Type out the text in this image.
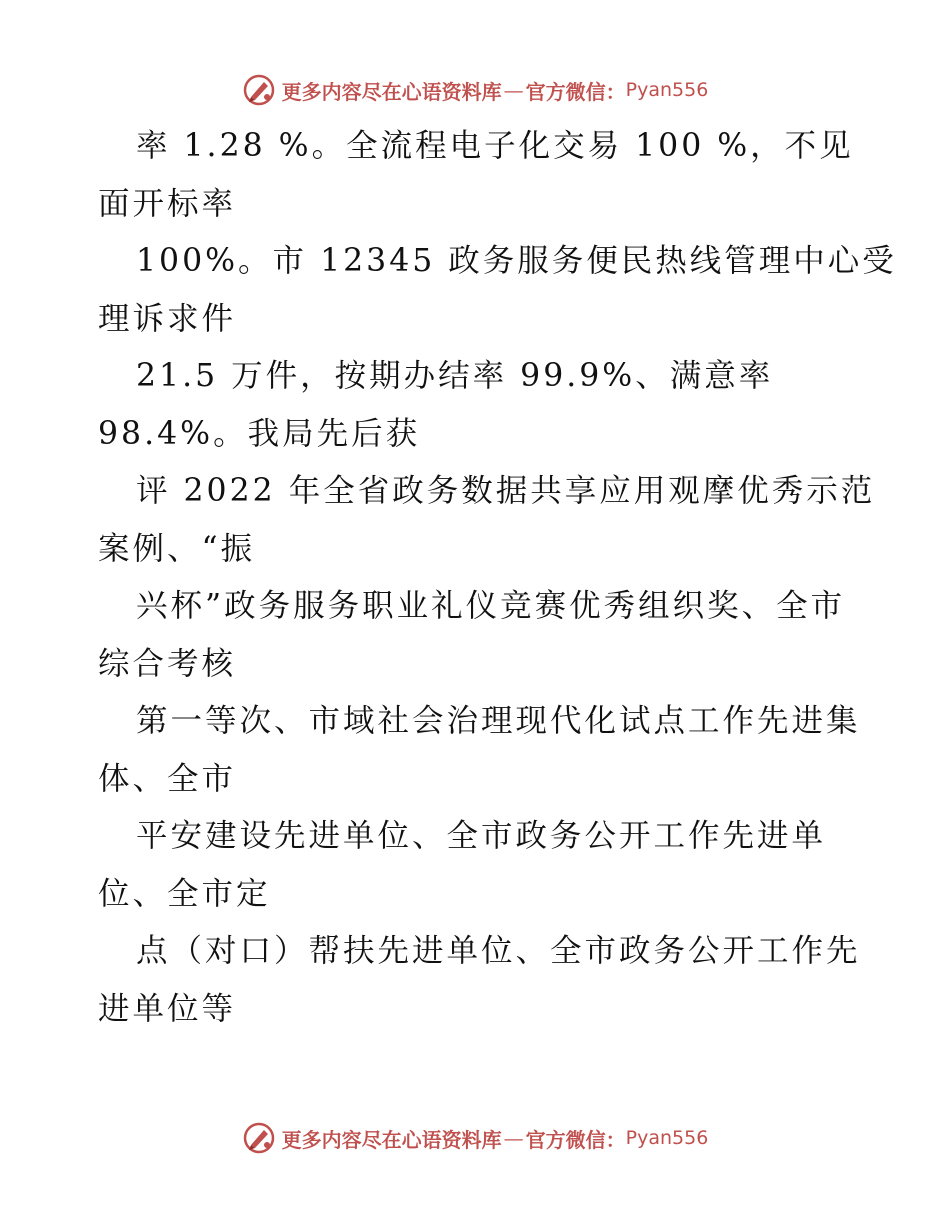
更多内容尽在心语资料库 — 官方微信： Pyan556
率 1.28 %。全流程电子化交易 100 %，不见
面开标率
100%。市 12345 政务服务便民热线管理中心受
理诉求件
21.5 万件，按期办结率 99.9%、满意率
98.4%。我局先后获
评 2022 年全省政务数据共享应用观摩优秀示范
案例、“振
兴杯”政务服务职业礼仪竞赛优秀组织奖、全市
综合考核
第一等次、市域社会治理现代化试点工作先进集
体、全市
平安建设先进单位、全市政务公开工作先进单
位、全市定
点（对口）帮扶先进单位、全市政务公开工作先
进单位等
更多内容尽在心语资料库 — 官方微信： Pyan556
